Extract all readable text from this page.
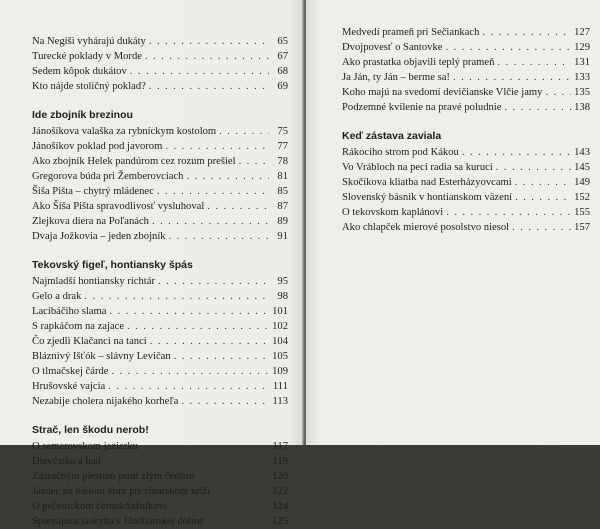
Na Negiši vyhárajú dukáty . . .	65
Turecké poklady v Morde . . .	67
Sedem kôpok dukátov . . .	68
Kto nájde stoličný poklad? . . .	69
Ide zbojník brezinou
Jánošíkova valaška za rybníckym kostolom . . .	75
Jánošíkov poklad pod javorom . . .	77
Ako zbojník Helek pandúrom cez rozum prešiel . . .	78
Gregorova búda pri Žemberovciach . . .	81
Šiša Pišta – chytrý mládenec . . .	85
Ako Šiša Pišta spravodlivosť vysluhoval . . .	87
Zlejkova diera na Poľanách . . .	89
Dvaja Jožkovia – jeden zbojník . . .	91
Tekovský figeľ, hontiansky špás
Najmladší hontiansky richtár . . .	95
Gelo a drak . . .	98
Lacibáčiho slama . . .	101
S rapkáčom na zajace . . .	102
Čo zjedli Klačanci na tanci . . .	104
Bláznivý Išťók – slávny Levičan . . .	105
O tlmačskej čárde . . .	109
Hrušovské vajcia . . .	111
Nezabije cholera nijakého korheľa . . .	113
Strač, len škodu nerob!
O semerovskom jazierku . . .	117
Dievčatko a had . . .	119
Zázračným piestom proti zlým čertom . . .	120
Jazdec na bielom koni pri vinárskom kríži . . .	122
O pečeníckom černokňažníkovi . . .	124
Spievajúca jaskyňa v Horšianskej doline . . .	125
Medvedí prameň pri Sečiankach . . .	127
Dvojpovesť o Santovke . . .	129
Ako prastatka objavili teplý prameň . . .	131
Ja Ján, ty Ján – berme sa! . . .	133
Koho majú na svedomí devičianske Vlčie jamy . . .	135
Podzemné kvílenie na pravé poludnie . . .	138
Keď zástava zaviala
Rákociho strom pod Kákou . . .	143
Vo Vrábloch na peci radia sa kuruci . . .	145
Skočíkova kliatba nad Esterházyovcami . . .	149
Slovenský básnik v hontianskom väzení . . .	152
O tekovskom kaplánovi . . .	155
Ako chlapček mierové posolstvo niesol . . .	157
